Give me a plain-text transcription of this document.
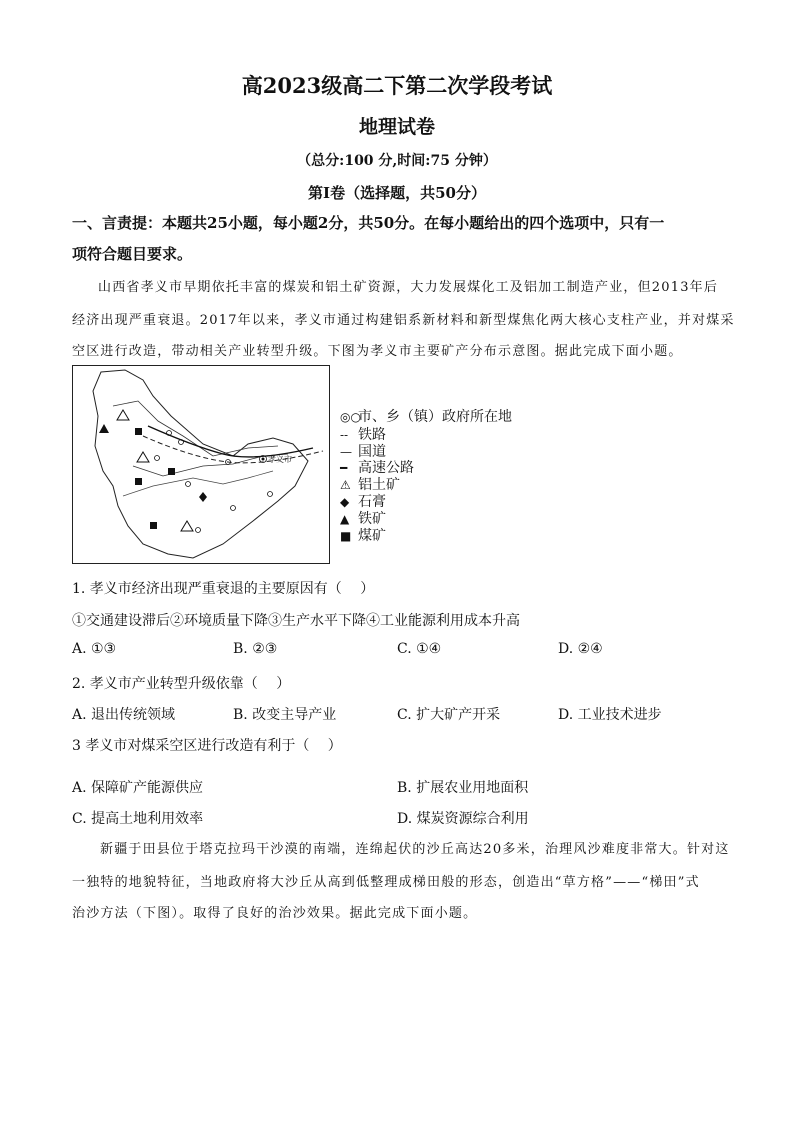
高2023级高二下第二次学段考试
地理试卷
（总分:100 分,时间:75 分钟）
第Ⅰ卷（选择题，共50分）
一、言责提：本题共25小题，每小题2分，共50分。在每小题给出的四个选项中，只有一
项符合题目要求。
山西省孝义市早期依托丰富的煤炭和铝土矿资源，大力发展煤化工及铝加工制造产业，但2013年后
经济出现严重衰退。2017年以来，孝义市通过构建铝系新材料和新型煤焦化两大核心支柱产业，并对煤采
空区进行改造，带动相关产业转型升级。下图为孝义市主要矿产分布示意图。据此完成下面小题。
孝义市
◎○市、乡（镇）政府所在地
-- 铁路
— 国道
━ 高速公路
⚠ 铝土矿
◆ 石膏
▲ 铁矿
■ 煤矿
1. 孝义市经济出现严重衰退的主要原因有（　 ）
①交通建设滞后②环境质量下降③生产水平下降④工业能源利用成本升高
A. ①③	B. ②③	C. ①④	D. ②④
2. 孝义市产业转型升级依靠（　 ）
A. 退出传统领域	B. 改变主导产业	C. 扩大矿产开采	D. 工业技术进步
3 孝义市对煤采空区进行改造有利于（　 ）
A. 保障矿产能源供应	B. 扩展农业用地面积
C. 提高土地利用效率	D. 煤炭资源综合利用
新疆于田县位于塔克拉玛干沙漠的南端，连绵起伏的沙丘高达20多米，治理风沙难度非常大。针对这
一独特的地貌特征，当地政府将大沙丘从高到低整理成梯田般的形态，创造出“草方格”——“梯田”式
治沙方法（下图）。取得了良好的治沙效果。据此完成下面小题。
